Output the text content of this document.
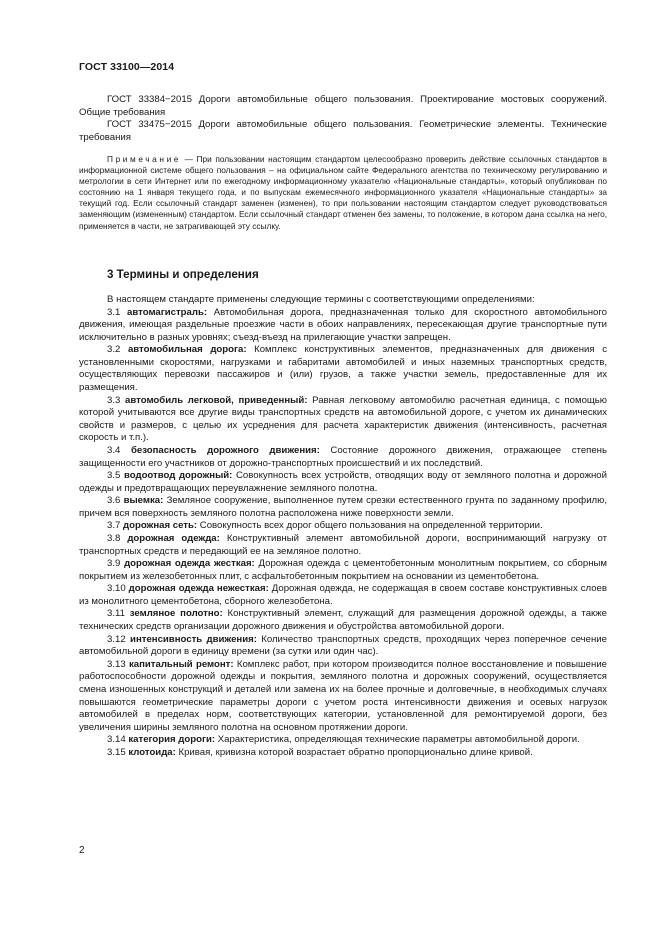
ГОСТ 33100—2014

ГОСТ 33384−2015 Дороги автомобильные общего пользования. Проектирование мостовых сооружений. Общие требования

ГОСТ 33475−2015 Дороги автомобильные общего пользования. Геометрические элементы. Технические требования

Примечание — При пользовании настоящим стандартом целесообразно проверить действие ссылочных стандартов в информационной системе общего пользования – на официальном сайте Федерального агентства по техническому регулированию и метрологии в сети Интернет или по ежегодному информационному указателю «Национальные стандарты», который опубликован по состоянию на 1 января текущего года, и по выпускам ежемесячного информационного указателя «Национальные стандарты» за текущий год. Если ссылочный стандарт заменен (изменен), то при пользовании настоящим стандартом следует руководствоваться заменяющим (измененным) стандартом. Если ссылочный стандарт отменен без замены, то положение, в котором дана ссылка на него, применяется в части, не затрагивающей эту ссылку.

3 Термины и определения

В настоящем стандарте применены следующие термины с соответствующими определениями:

3.1 автомагистраль: Автомобильная дорога, предназначенная только для скоростного автомобильного движения, имеющая раздельные проезжие части в обоих направлениях, пересекающая другие транспортные пути исключительно в разных уровнях; съезд-въезд на прилегающие участки запрещен.

3.2 автомобильная дорога: Комплекс конструктивных элементов, предназначенных для движения с установленными скоростями, нагрузками и габаритами автомобилей и иных наземных транспортных средств, осуществляющих перевозки пассажиров и (или) грузов, а также участки земель, предоставленные для их размещения.

3.3 автомобиль легковой, приведенный: Равная легковому автомобилю расчетная единица, с помощью которой учитываются все другие виды транспортных средств на автомобильной дороге, с учетом их динамических свойств и размеров, с целью их усреднения для расчета характеристик движения (интенсивность, расчетная скорость и т.п.).

3.4 безопасность дорожного движения: Состояние дорожного движения, отражающее степень защищенности его участников от дорожно-транспортных происшествий и их последствий.

3.5 водоотвод дорожный: Совокупность всех устройств, отводящих воду от земляного полотна и дорожной одежды и предотвращающих переувлажнение земляного полотна.

3.6 выемка: Земляное сооружение, выполненное путем срезки естественного грунта по заданному профилю, причем вся поверхность земляного полотна расположена ниже поверхности земли.

3.7 дорожная сеть: Совокупность всех дорог общего пользования на определенной территории.

3.8 дорожная одежда: Конструктивный элемент автомобильной дороги, воспринимающий нагрузку от транспортных средств и передающий ее на земляное полотно.

3.9 дорожная одежда жесткая: Дорожная одежда с цементобетонным монолитным покрытием, со сборным покрытием из железобетонных плит, с асфальтобетонным покрытием на основании из цементобетона.

3.10 дорожная одежда нежесткая: Дорожная одежда, не содержащая в своем составе конструктивных слоев из монолитного цементобетона, сборного железобетона.

3.11 земляное полотно: Конструктивный элемент, служащий для размещения дорожной одежды, а также технических средств организации дорожного движения и обустройства автомобильной дороги.

3.12 интенсивность движения: Количество транспортных средств, проходящих через поперечное сечение автомобильной дороги в единицу времени (за сутки или один час).

3.13 капитальный ремонт: Комплекс работ, при котором производится полное восстановление и повышение работоспособности дорожной одежды и покрытия, земляного полотна и дорожных сооружений, осуществляется смена изношенных конструкций и деталей или замена их на более прочные и долговечные, в необходимых случаях повышаются геометрические параметры дороги с учетом роста интенсивности движения и осевых нагрузок автомобилей в пределах норм, соответствующих категории, установленной для ремонтируемой дороги, без увеличения ширины земляного полотна на основном протяжении дороги.

3.14 категория дороги: Характеристика, определяющая технические параметры автомобильной дороги.

3.15 клотоида: Кривая, кривизна которой возрастает обратно пропорционально длине кривой.

2
